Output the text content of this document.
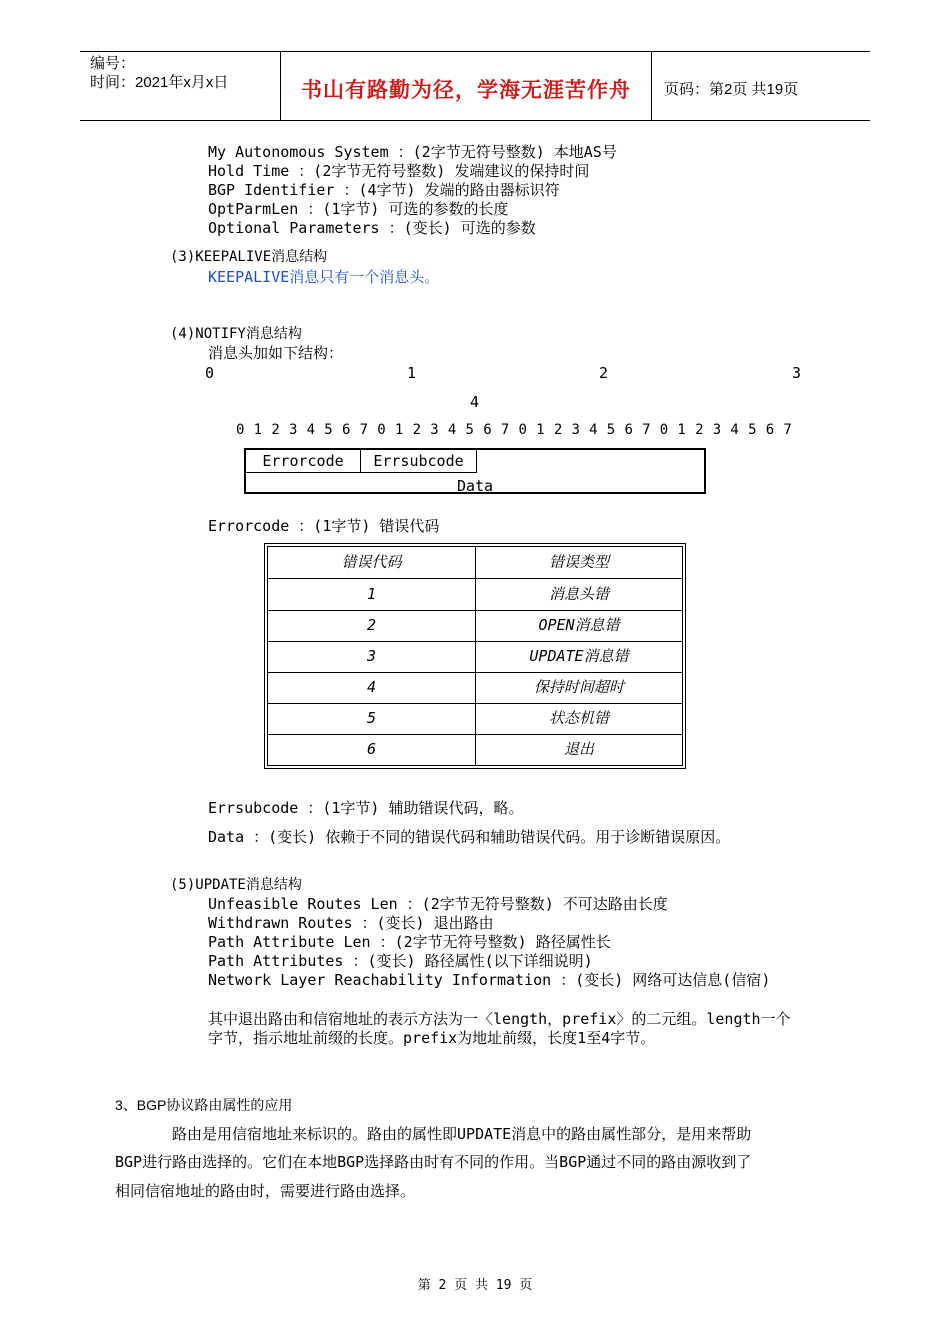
编号：
时间：2021年x月x日	书山有路勤为径，学海无涯苦作舟	页码：第2页 共19页
My Autonomous System ：(2字节无符号整数) 本地AS号
Hold Time ：(2字节无符号整数) 发端建议的保持时间
BGP Identifier ：(4字节) 发端的路由器标识符
OptParmLen ：(1字节) 可选的参数的长度
Optional Parameters ：(变长) 可选的参数
(3)KEEPALIVE消息结构
KEEPALIVE消息只有一个消息头。
(4)NOTIFY消息结构
消息头加如下结构：
0	1	2	3
4
0 1 2 3 4 5 6 7 0 1 2 3 4 5 6 7 0 1 2 3 4 5 6 7 0 1 2 3 4 5 6 7
Errorcode	Errsubcode
Data
Errorcode ：(1字节) 错误代码
错误代码	错误类型
1	消息头错
2	OPEN消息错
3	UPDATE消息错
4	保持时间超时
5	状态机错
6	退出
Errsubcode ：(1字节) 辅助错误代码，略。
Data ：(变长) 依赖于不同的错误代码和辅助错误代码。用于诊断错误原因。
(5)UPDATE消息结构
Unfeasible Routes Len ：(2字节无符号整数) 不可达路由长度
Withdrawn Routes ：(变长) 退出路由
Path Attribute Len ：(2字节无符号整数) 路径属性长
Path Attributes ：(变长) 路径属性(以下详细说明)
Network Layer Reachability Information ：(变长) 网络可达信息(信宿)
其中退出路由和信宿地址的表示方法为一〈length，prefix〉的二元组。length一个
字节，指示地址前缀的长度。prefix为地址前缀，长度1至4字节。
3、BGP协议路由属性的应用
路由是用信宿地址来标识的。路由的属性即UPDATE消息中的路由属性部分，是用来帮助
BGP进行路由选择的。它们在本地BGP选择路由时有不同的作用。当BGP通过不同的路由源收到了
相同信宿地址的路由时，需要进行路由选择。
第 2 页 共 19 页
